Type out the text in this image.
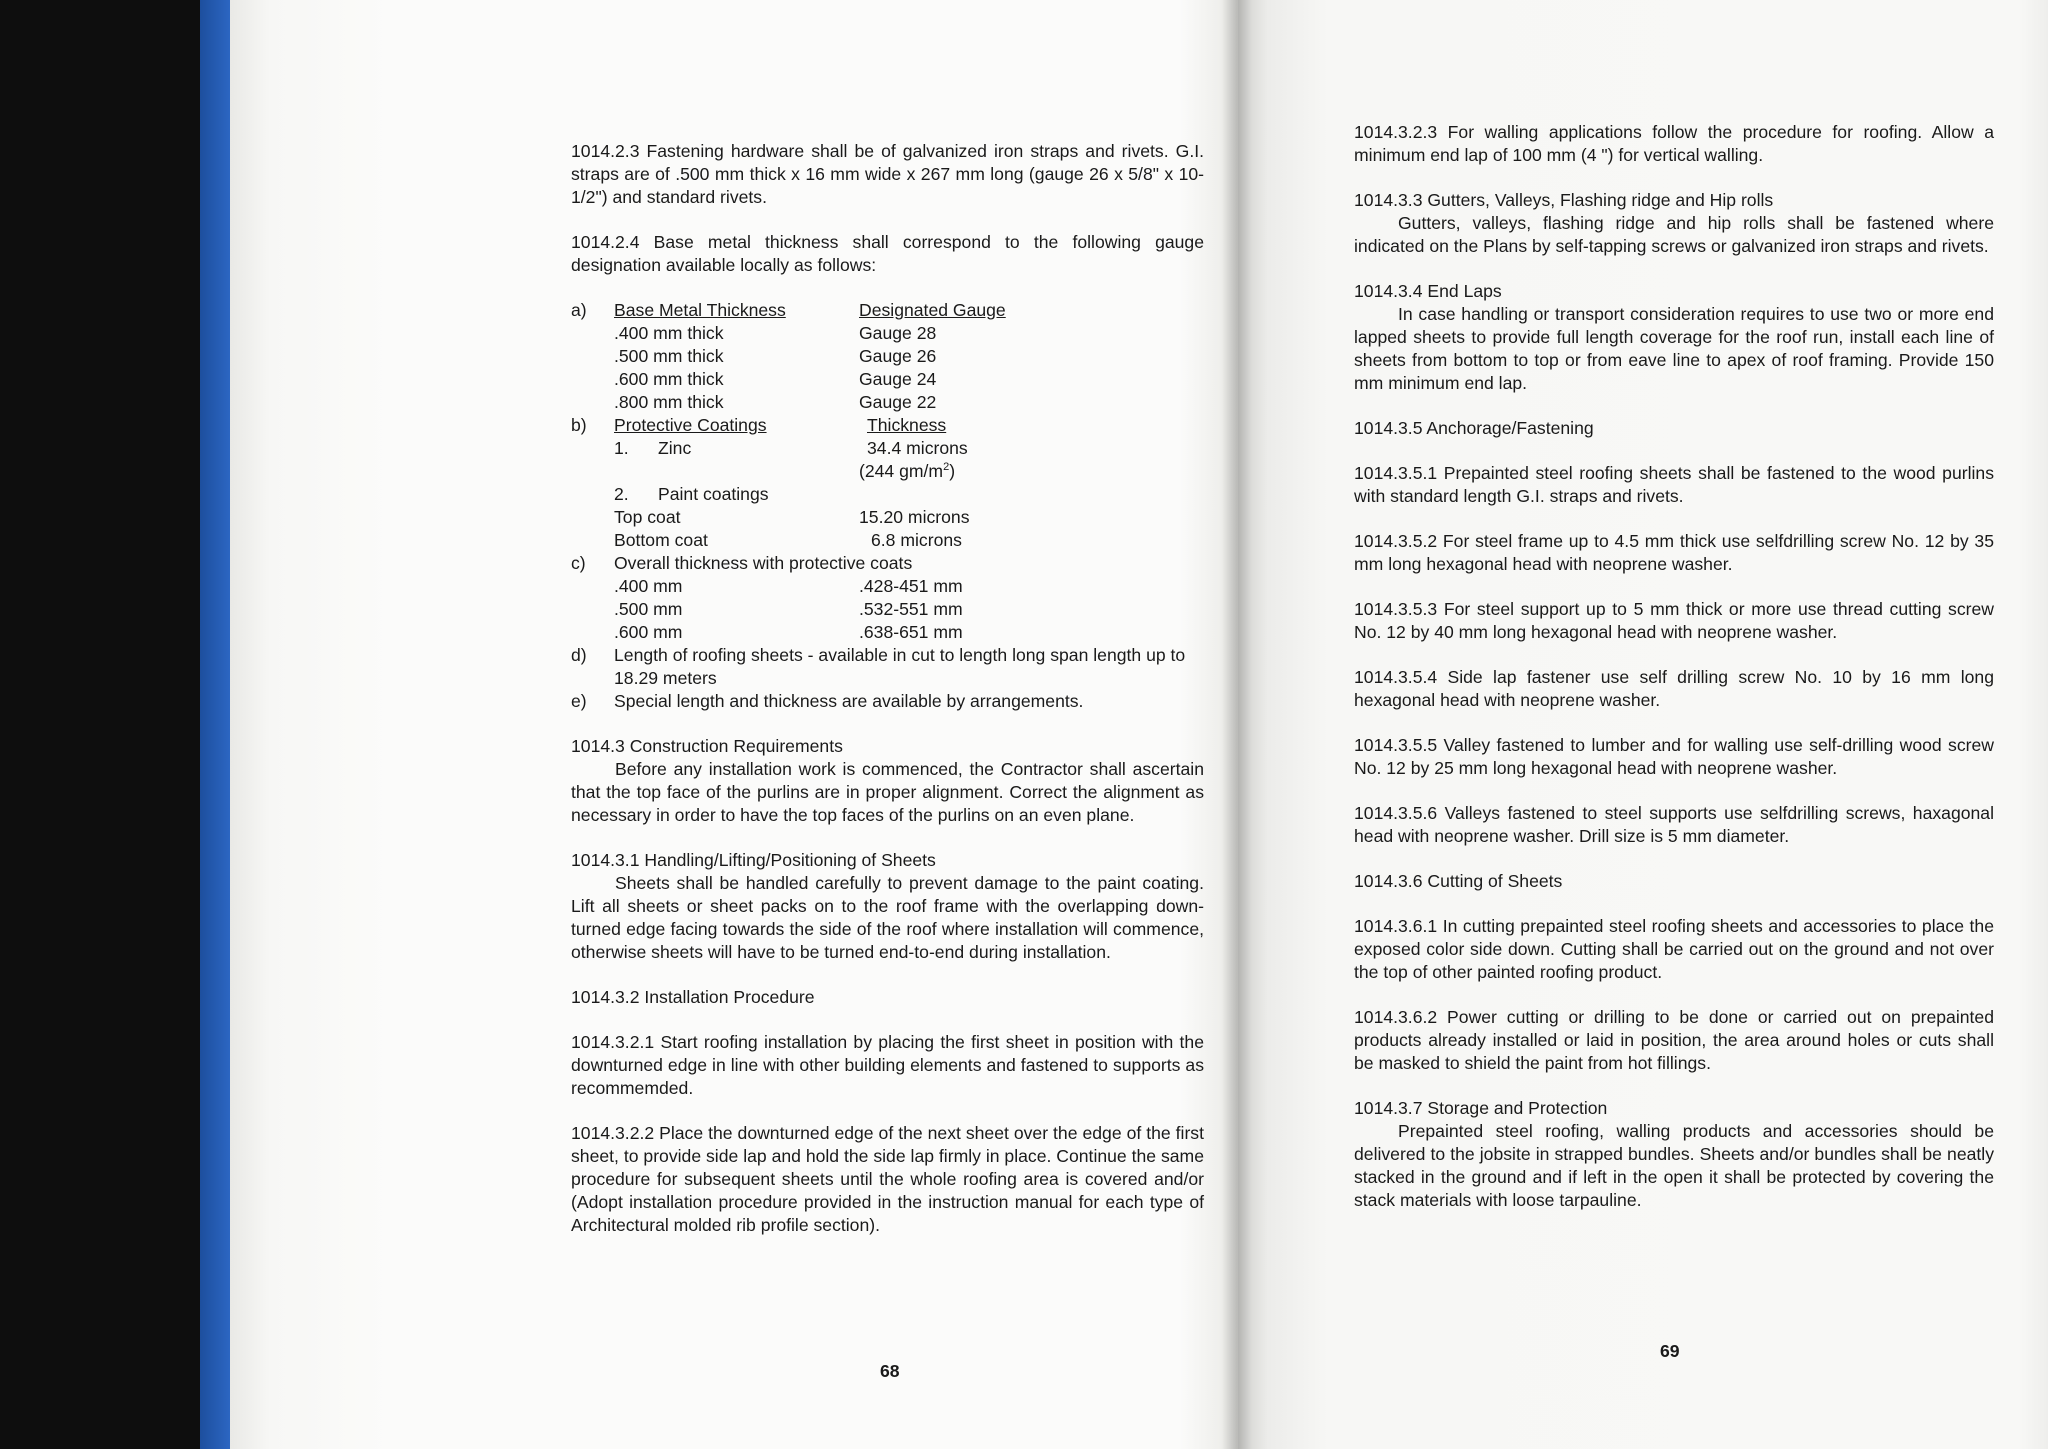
1014.2.3 Fastening hardware shall be of galvanized iron straps and rivets. G.I. straps are of .500 mm thick x 16 mm wide x 267 mm long (gauge 26 x 5/8" x 10-1/2") and standard rivets.

1014.2.4 Base metal thickness shall correspond to the following gauge designation available locally as follows:

a)	Base Metal Thickness	Designated Gauge
.400 mm thick	Gauge 28
.500 mm thick	Gauge 26
.600 mm thick	Gauge 24
.800 mm thick	Gauge 22
b)	Protective Coatings	Thickness
1. Zinc	34.4 microns
(244 $gm/m^2$)
2. Paint coatings
Top coat	15.20 microns
Bottom coat	6.8 microns
c)	Overall thickness with protective coats
.400 mm	.428-451 mm
.500 mm	.532-551 mm
.600 mm	.638-651 mm
d)	Length of roofing sheets - available in cut to length long span length up to 18.29 meters
e)	Special length and thickness are available by arrangements.

1014.3 Construction Requirements

Before any installation work is commenced, the Contractor shall ascertain that the top face of the purlins are in proper alignment. Correct the alignment as necessary in order to have the top faces of the purlins on an even plane.

1014.3.1 Handling/Lifting/Positioning of Sheets

Sheets shall be handled carefully to prevent damage to the paint coating. Lift all sheets or sheet packs on to the roof frame with the overlapping down-turned edge facing towards the side of the roof where installation will commence, otherwise sheets will have to be turned end-to-end during installation.

1014.3.2 Installation Procedure

1014.3.2.1 Start roofing installation by placing the first sheet in position with the downturned edge in line with other building elements and fastened to supports as recommemded.

1014.3.2.2 Place the downturned edge of the next sheet over the edge of the first sheet, to provide side lap and hold the side lap firmly in place. Continue the same procedure for subsequent sheets until the whole roofing area is covered and/or (Adopt installation procedure provided in the instruction manual for each type of Architectural molded rib profile section).

68

1014.3.2.3 For walling applications follow the procedure for roofing. Allow a minimum end lap of 100 mm (4 ") for vertical walling.

1014.3.3 Gutters, Valleys, Flashing ridge and Hip rolls

Gutters, valleys, flashing ridge and hip rolls shall be fastened where indicated on the Plans by self-tapping screws or galvanized iron straps and rivets.

1014.3.4 End Laps

In case handling or transport consideration requires to use two or more end lapped sheets to provide full length coverage for the roof run, install each line of sheets from bottom to top or from eave line to apex of roof framing. Provide 150 mm minimum end lap.

1014.3.5 Anchorage/Fastening

1014.3.5.1 Prepainted steel roofing sheets shall be fastened to the wood purlins with standard length G.I. straps and rivets.

1014.3.5.2 For steel frame up to 4.5 mm thick use selfdrilling screw No. 12 by 35 mm long hexagonal head with neoprene washer.

1014.3.5.3 For steel support up to 5 mm thick or more use thread cutting screw No. 12 by 40 mm long hexagonal head with neoprene washer.

1014.3.5.4 Side lap fastener use self drilling screw No. 10 by 16 mm long hexagonal head with neoprene washer.

1014.3.5.5 Valley fastened to lumber and for walling use self-drilling wood screw No. 12 by 25 mm long hexagonal head with neoprene washer.

1014.3.5.6 Valleys fastened to steel supports use selfdrilling screws, haxagonal head with neoprene washer. Drill size is 5 mm diameter.

1014.3.6 Cutting of Sheets

1014.3.6.1 In cutting prepainted steel roofing sheets and accessories to place the exposed color side down. Cutting shall be carried out on the ground and not over the top of other painted roofing product.

1014.3.6.2 Power cutting or drilling to be done or carried out on prepainted products already installed or laid in position, the area around holes or cuts shall be masked to shield the paint from hot fillings.

1014.3.7 Storage and Protection

Prepainted steel roofing, walling products and accessories should be delivered to the jobsite in strapped bundles. Sheets and/or bundles shall be neatly stacked in the ground and if left in the open it shall be protected by covering the stack materials with loose tarpauline.

69
